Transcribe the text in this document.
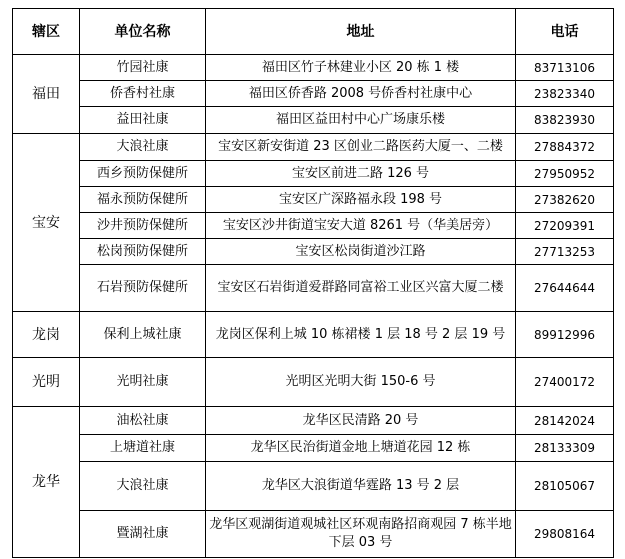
辖区	单位名称	地址	电话
福田	竹园社康	福田区竹子林建业小区 20 栋 1 楼	83713106
	侨香村社康	福田区侨香路 2008 号侨香村社康中心	23823340
	益田社康	福田区益田村中心广场康乐楼	83823930
宝安	大浪社康	宝安区新安街道 23 区创业二路医药大厦一、二楼	27884372
	西乡预防保健所	宝安区前进二路 126 号	27950952
	福永预防保健所	宝安区广深路福永段 198 号	27382620
	沙井预防保健所	宝安区沙井街道宝安大道 8261 号（华美居旁）	27209391
	松岗预防保健所	宝安区松岗街道沙江路	27713253
	石岩预防保健所	宝安区石岩街道爱群路同富裕工业区兴富大厦二楼	27644644
龙岗	保利上城社康	龙岗区保利上城 10 栋裙楼 1 层 18 号 2 层 19 号	89912996
光明	光明社康	光明区光明大街 150-6 号	27400172
龙华	油松社康	龙华区民清路 20 号	28142024
	上塘道社康	龙华区民治街道金地上塘道花园 12 栋	28133309
	大浪社康	龙华区大浪街道华霆路 13 号 2 层	28105067
	暨湖社康	龙华区观湖街道观城社区环观南路招商观园 7 栋半地下层 03 号	29808164
